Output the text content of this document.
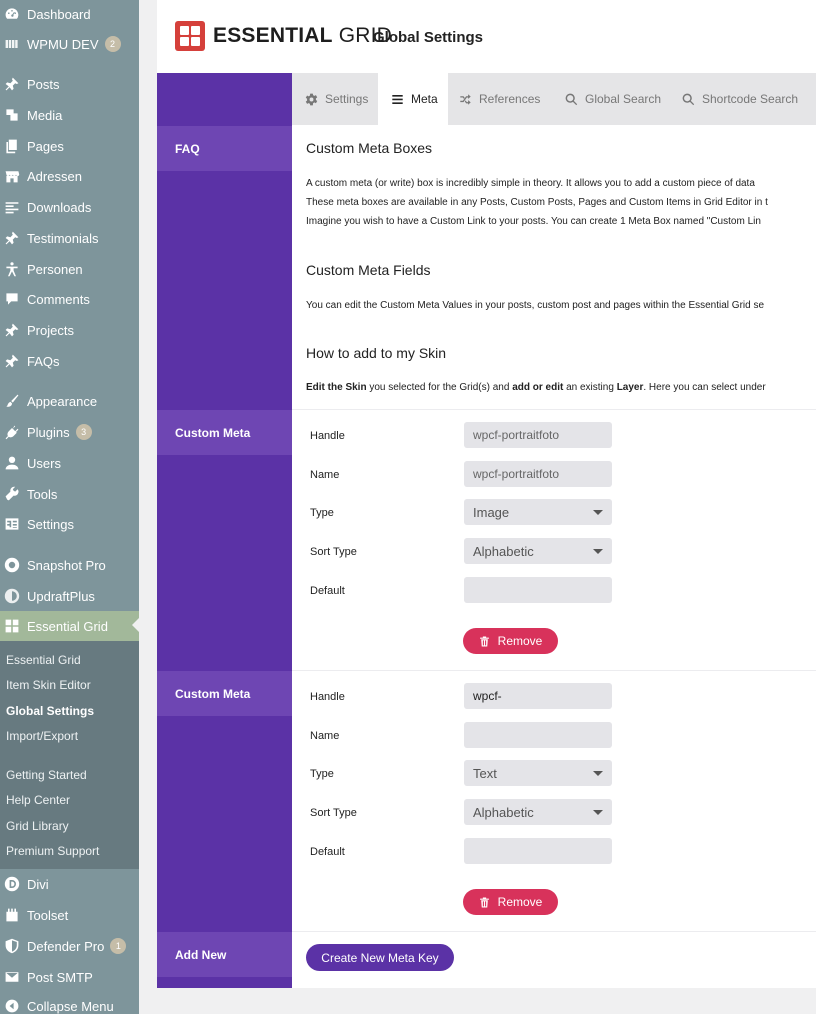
Dashboard
WPMU DEV	2
Posts
Media
Pages
Adressen
Downloads
Testimonials
Personen
Comments
Projects
FAQs
Appearance
Plugins	3
Users
Tools
Settings
Snapshot Pro
UpdraftPlus
Essential Grid
Essential Grid
Item Skin Editor
Global Settings
Import/Export
Getting Started
Help Center
Grid Library
Premium Support
Divi
Toolset
Defender Pro	1
Post SMTP
Collapse Menu
ESSENTIAL GRID
Global Settings
Settings	Meta	References	Global Search	Shortcode Search
FAQ
Custom Meta
Custom Meta
Add New
Custom Meta Boxes
A custom meta (or write) box is incredibly simple in theory. It allows you to add a custom piece of data
These meta boxes are available in any Posts, Custom Posts, Pages and Custom Items in Grid Editor in t
Imagine you wish to have a Custom Link to your posts. You can create 1 Meta Box named "Custom Lin
Custom Meta Fields
You can edit the Custom Meta Values in your posts, custom post and pages within the Essential Grid se
How to add to my Skin
Edit the Skin you selected for the Grid(s) and add or edit an existing Layer. Here you can select under
Handle	wpcf-portraitfoto
Name	wpcf-portraitfoto
Type	Image
Sort Type	Alphabetic
Default
Remove
Handle	wpcf-
Name
Type	Text
Sort Type	Alphabetic
Default
Remove
Create New Meta Key
